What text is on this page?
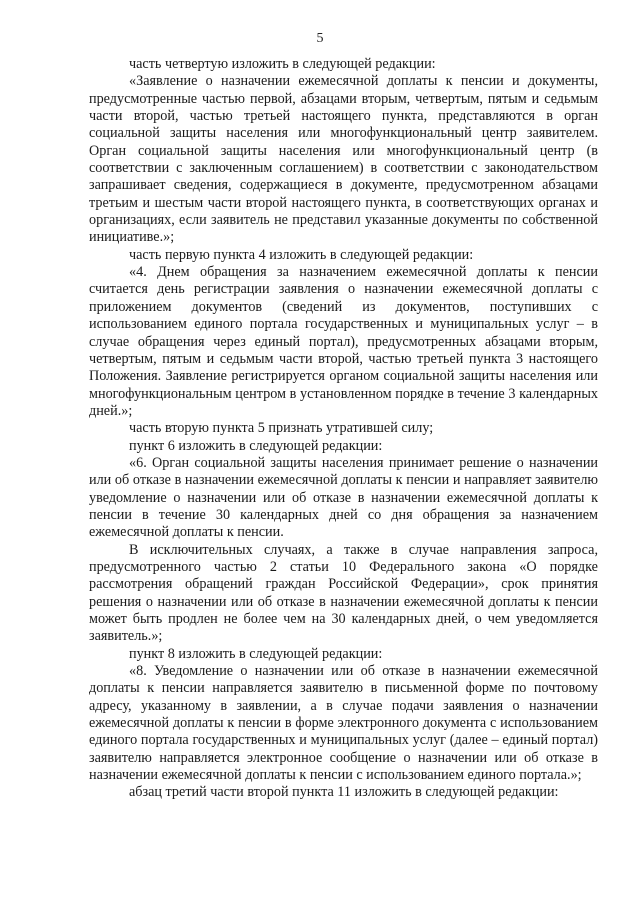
5

часть четвертую изложить в следующей редакции:

«Заявление о назначении ежемесячной доплаты к пенсии и документы, предусмотренные частью первой, абзацами вторым, четвертым, пятым и седьмым части второй, частью третьей настоящего пункта, представляются в орган социальной защиты населения или многофункциональный центр заявителем. Орган социальной защиты населения или многофункциональный центр (в соответствии с заключенным соглашением) в соответствии с законодательством запрашивает сведения, содержащиеся в документе, предусмотренном абзацами третьим и шестым части второй настоящего пункта, в соответствующих органах и организациях, если заявитель не представил указанные документы по собственной инициативе.»;

часть первую пункта 4 изложить в следующей редакции:

«4. Днем обращения за назначением ежемесячной доплаты к пенсии считается день регистрации заявления о назначении ежемесячной доплаты с приложением документов (сведений из документов, поступивших с использованием единого портала государственных и муниципальных услуг – в случае обращения через единый портал), предусмотренных абзацами вторым, четвертым, пятым и седьмым части второй, частью третьей пункта 3 настоящего Положения. Заявление регистрируется органом социальной защиты населения или многофункциональным центром в установленном порядке в течение 3 календарных дней.»;

часть вторую пункта 5 признать утратившей силу;

пункт 6 изложить в следующей редакции:

«6. Орган социальной защиты населения принимает решение о назначении или об отказе в назначении ежемесячной доплаты к пенсии и направляет заявителю уведомление о назначении или об отказе в назначении ежемесячной доплаты к пенсии в течение 30 календарных дней со дня обращения за назначением ежемесячной доплаты к пенсии.

В исключительных случаях, а также в случае направления запроса, предусмотренного частью 2 статьи 10 Федерального закона «О порядке рассмотрения обращений граждан Российской Федерации», срок принятия решения о назначении или об отказе в назначении ежемесячной доплаты к пенсии может быть продлен не более чем на 30 календарных дней, о чем уведомляется заявитель.»;

пункт 8 изложить в следующей редакции:

«8. Уведомление о назначении или об отказе в назначении ежемесячной доплаты к пенсии направляется заявителю в письменной форме по почтовому адресу, указанному в заявлении, а в случае подачи заявления о назначении ежемесячной доплаты к пенсии в форме электронного документа с использованием единого портала государственных и муниципальных услуг (далее – единый портал) заявителю направляется электронное сообщение о назначении или об отказе в назначении ежемесячной доплаты к пенсии с использованием единого портала.»;

абзац третий части второй пункта 11 изложить в следующей редакции:
